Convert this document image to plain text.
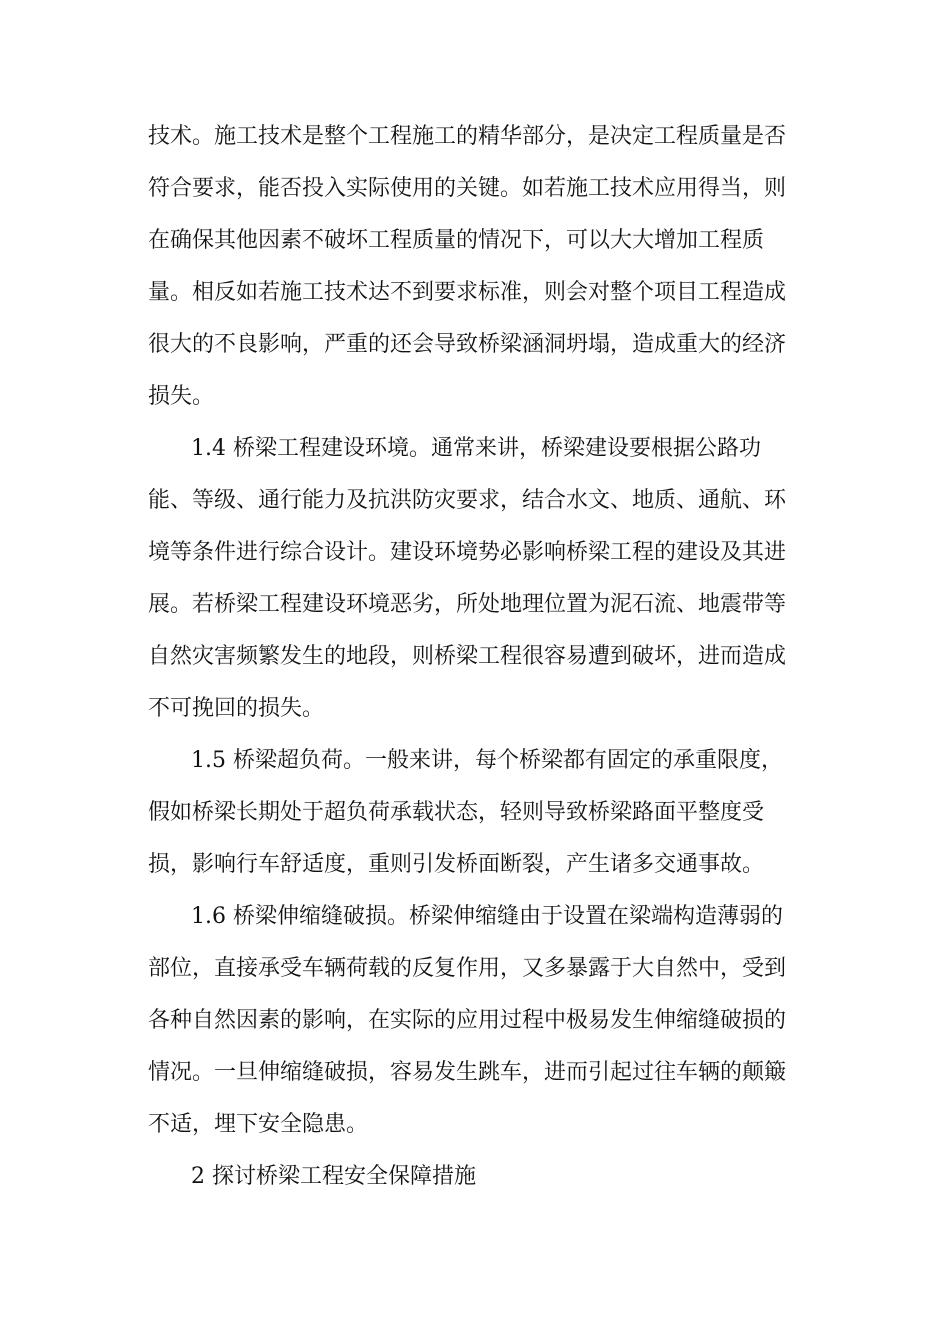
技术。施工技术是整个工程施工的精华部分，是决定工程质量是否
符合要求，能否投入实际使用的关键。如若施工技术应用得当，则
在确保其他因素不破坏工程质量的情况下，可以大大增加工程质
量。相反如若施工技术达不到要求标准，则会对整个项目工程造成
很大的不良影响，严重的还会导致桥梁涵洞坍塌，造成重大的经济
损失。
1.4 桥梁工程建设环境。通常来讲，桥梁建设要根据公路功
能、等级、通行能力及抗洪防灾要求，结合水文、地质、通航、环
境等条件进行综合设计。建设环境势必影响桥梁工程的建设及其进
展。若桥梁工程建设环境恶劣，所处地理位置为泥石流、地震带等
自然灾害频繁发生的地段，则桥梁工程很容易遭到破坏，进而造成
不可挽回的损失。
1.5 桥梁超负荷。一般来讲，每个桥梁都有固定的承重限度，
假如桥梁长期处于超负荷承载状态，轻则导致桥梁路面平整度受
损，影响行车舒适度，重则引发桥面断裂，产生诸多交通事故。
1.6 桥梁伸缩缝破损。桥梁伸缩缝由于设置在梁端构造薄弱的
部位，直接承受车辆荷载的反复作用，又多暴露于大自然中，受到
各种自然因素的影响，在实际的应用过程中极易发生伸缩缝破损的
情况。一旦伸缩缝破损，容易发生跳车，进而引起过往车辆的颠簸
不适，埋下安全隐患。
2 探讨桥梁工程安全保障措施
